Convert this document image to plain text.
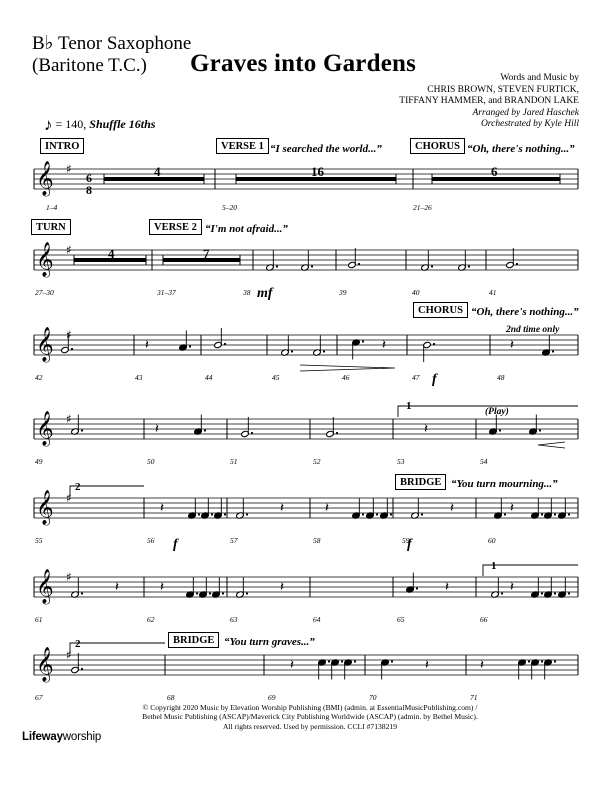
B♭ Tenor Saxophone
(Baritone T.C.)	Graves into Gardens
Words and Music by
CHRIS BROWN, STEVEN FURTICK,
TIFFANY HAMMER, and BRANDON LAKE
Arranged by Jared Haschek
Orchestrated by Kyle Hill
♪ = 140, Shuffle 16ths
INTRO	VERSE 1 “I searched the world...”	CHORUS “Oh, there's nothing...”
TURN	VERSE 2 “I'm not afraid...”
CHORUS “Oh, there's nothing...”
2nd time only
(Play)
BRIDGE “You turn mourning...”
BRIDGE “You turn graves...”
𝄞 ♯
𝄞 ♯
𝄞 ♯
𝄞 ♯
𝄞 ♯
𝄞 ♯
𝄞 ♯
𝄽	𝄽	𝄽
𝄽	𝄽
𝄽	𝄽	𝄽	𝄽	𝄽
𝄽	𝄽	𝄽	𝄽	𝄽
𝄽	𝄽	𝄽
6
8
4	16	6
4	7
1
2
1
2
mf
f
f	f
1–4	5–20	21–26
27–30	31–37	38	39	40	41
42	43	44	45	46	47	48
49	50	51	52	53	54
55	56	57	58	59	60
61	62	63	64	65	66
67	68	69	70	71
© Copyright 2020 Music by Elevation Worship Publishing (BMI) (admin. at EssentialMusicPublishing.com) /
Bethel Music Publishing (ASCAP)/Maverick City Publishing Worldwide (ASCAP) (admin. by Bethel Music).
All rights reserved. Used by permission. CCLI #7138219
Lifewayworship
